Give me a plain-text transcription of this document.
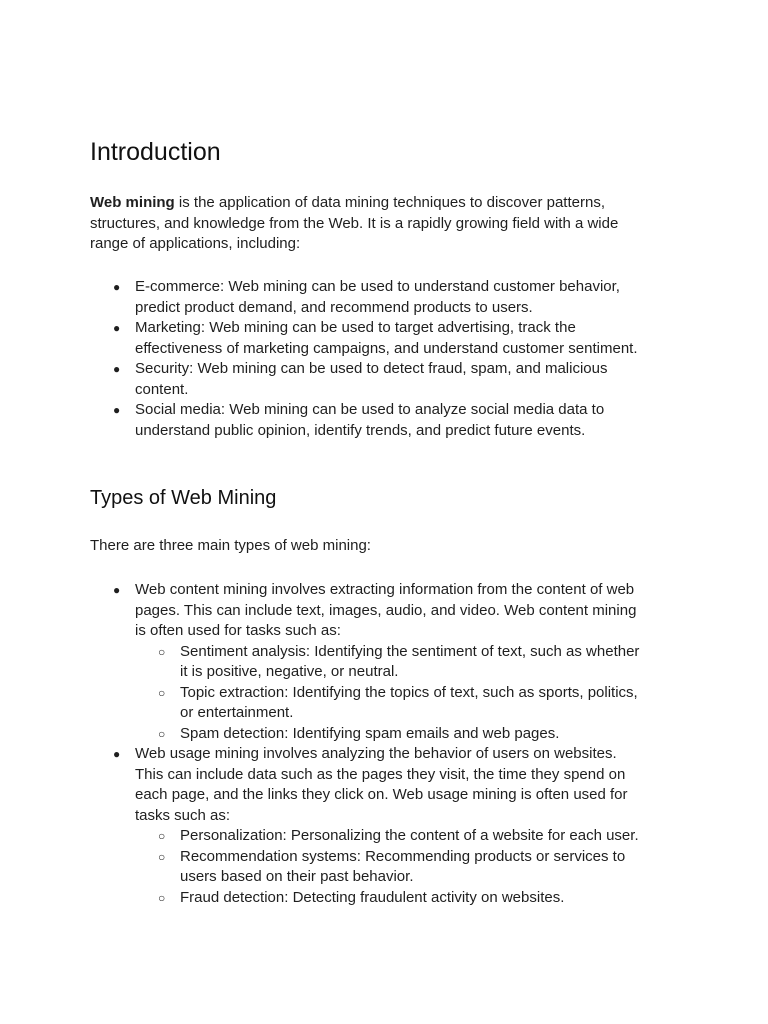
Introduction

Web mining is the application of data mining techniques to discover patterns, structures, and knowledge from the Web. It is a rapidly growing field with a wide range of applications, including:

● E-commerce: Web mining can be used to understand customer behavior, predict product demand, and recommend products to users.
● Marketing: Web mining can be used to target advertising, track the effectiveness of marketing campaigns, and understand customer sentiment.
● Security: Web mining can be used to detect fraud, spam, and malicious content.
● Social media: Web mining can be used to analyze social media data to understand public opinion, identify trends, and predict future events.
Types of Web Mining

There are three main types of web mining:

● Web content mining involves extracting information from the content of web pages. This can include text, images, audio, and video. Web content mining is often used for tasks such as:
○ Sentiment analysis: Identifying the sentiment of text, such as whether it is positive, negative, or neutral.
○ Topic extraction: Identifying the topics of text, such as sports, politics, or entertainment.
○ Spam detection: Identifying spam emails and web pages.
● Web usage mining involves analyzing the behavior of users on websites. This can include data such as the pages they visit, the time they spend on each page, and the links they click on. Web usage mining is often used for tasks such as:
○ Personalization: Personalizing the content of a website for each user.
○ Recommendation systems: Recommending products or services to users based on their past behavior.
○ Fraud detection: Detecting fraudulent activity on websites.
